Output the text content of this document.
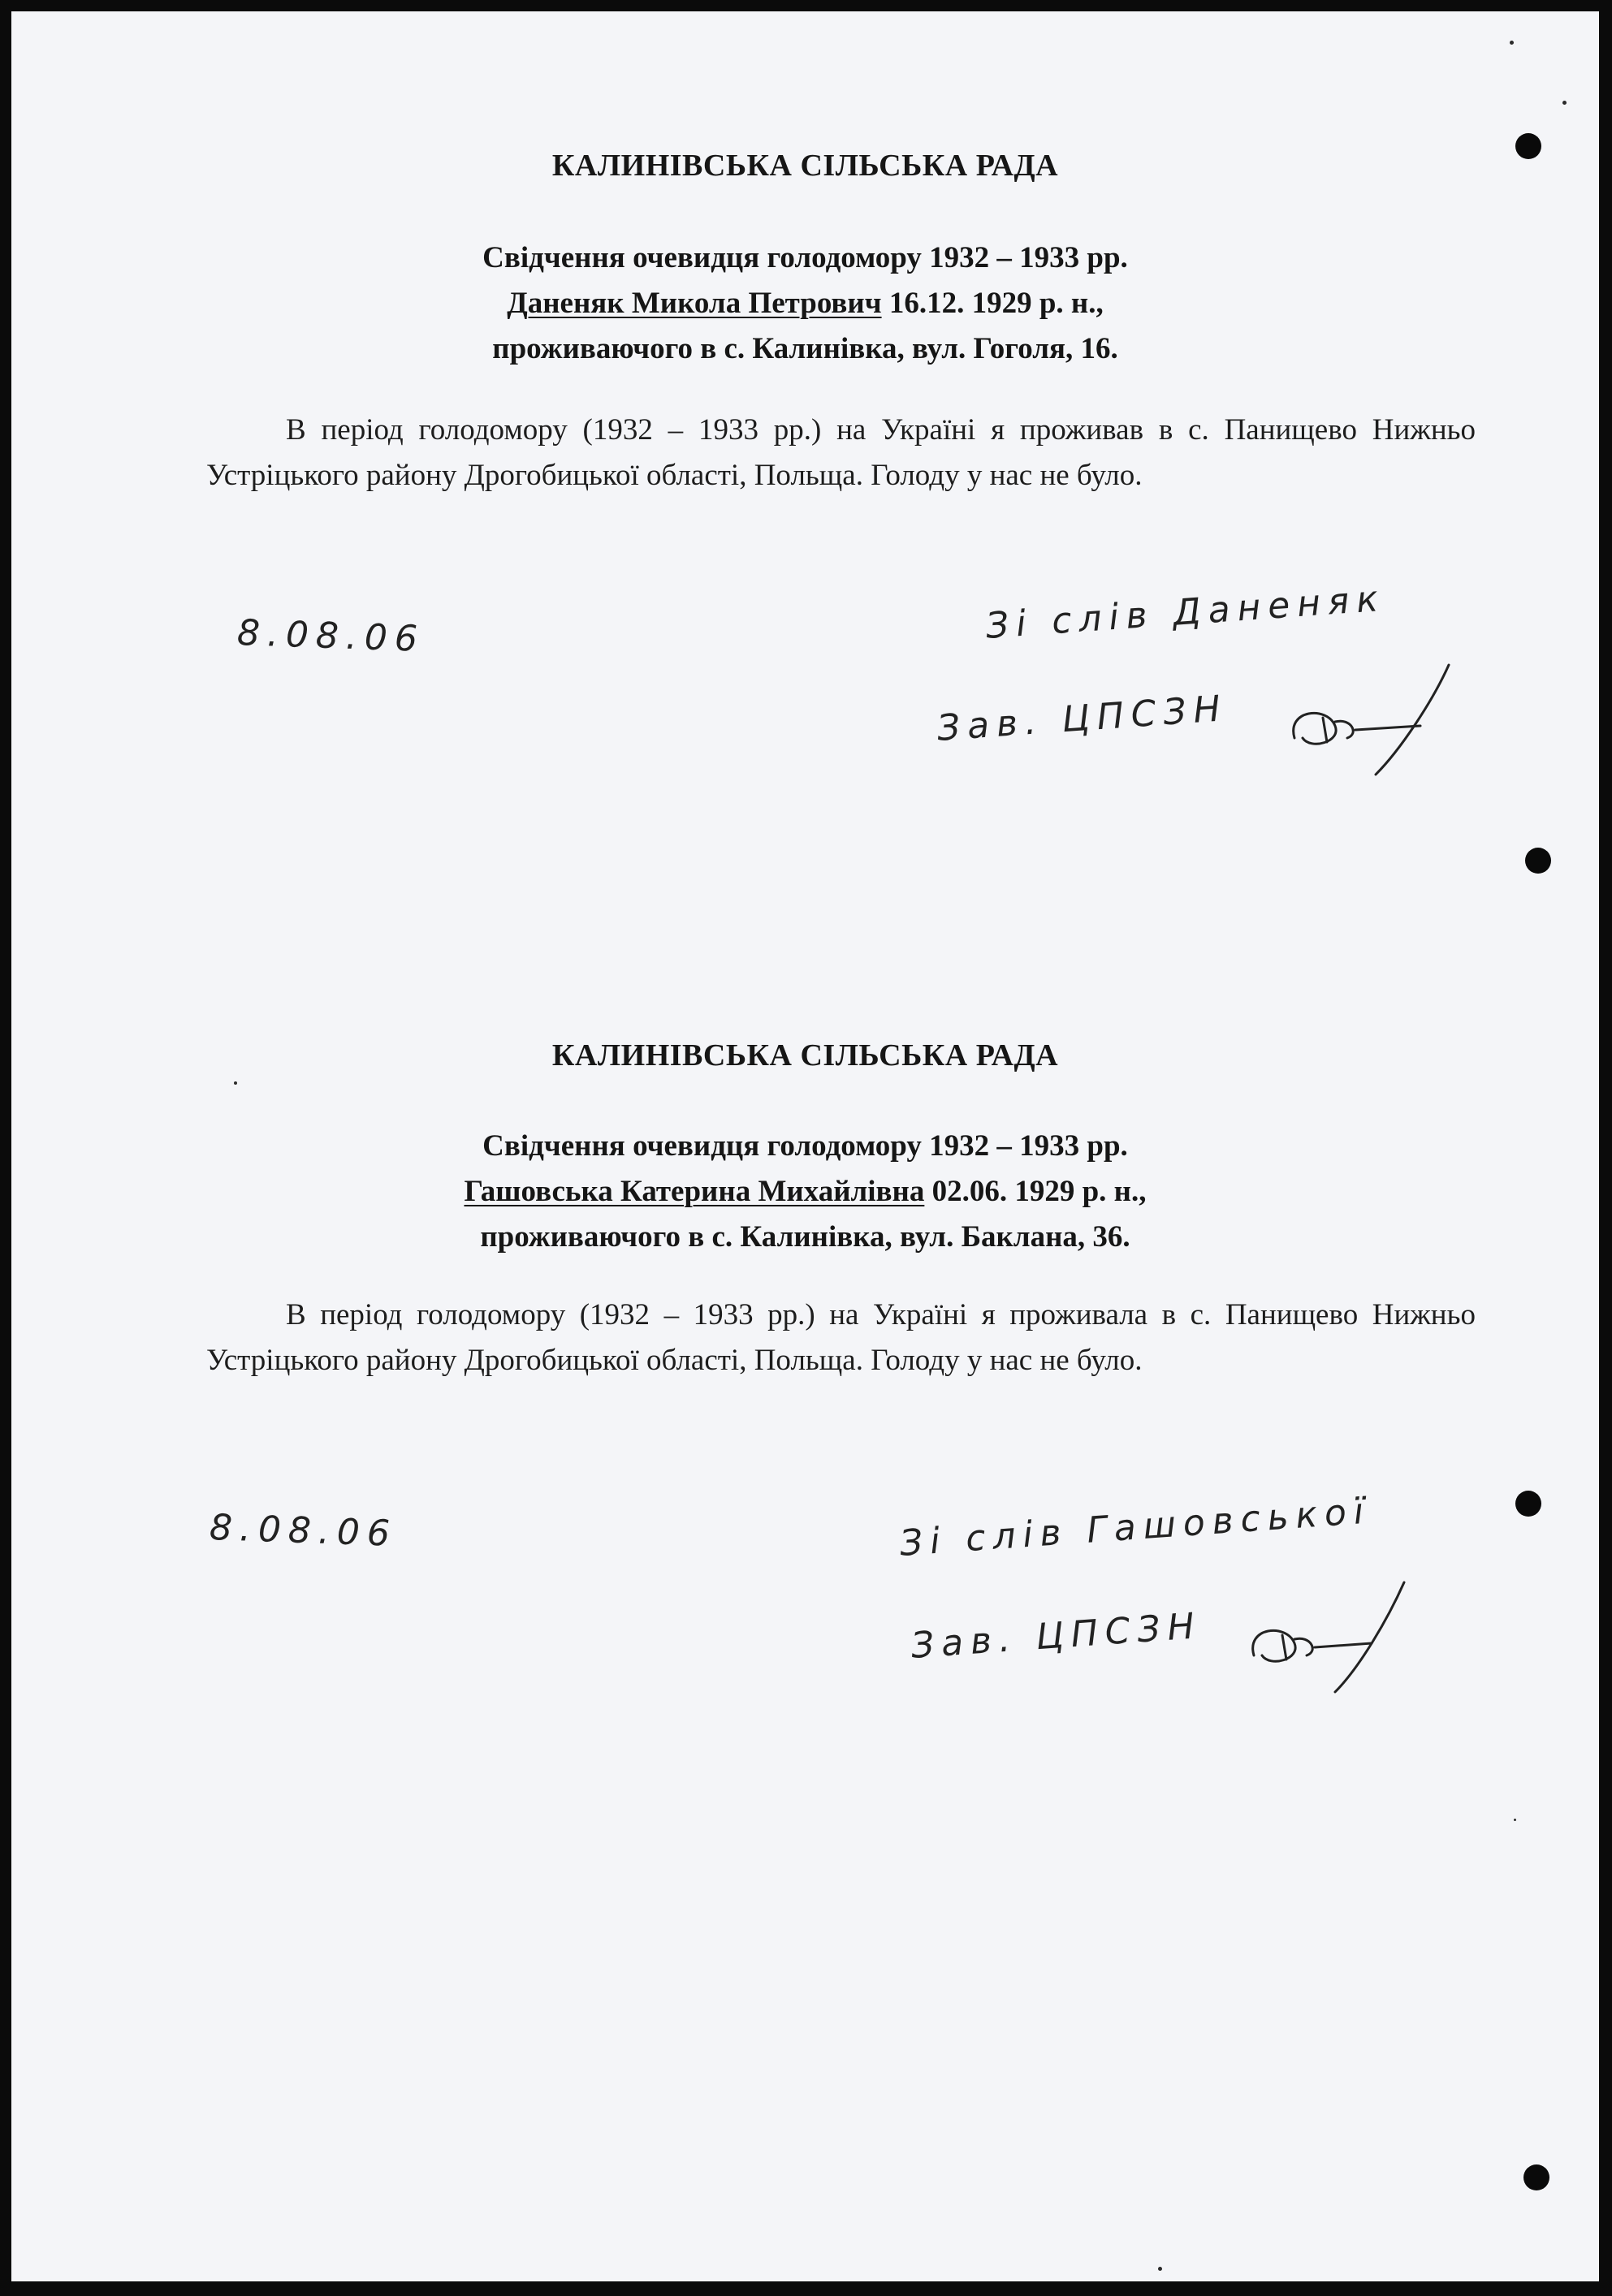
КАЛИНІВСЬКА СІЛЬСЬКА РАДА
Свідчення очевидця голодомору 1932 – 1933 рр.
Даненяк Микола Петрович 16.12. 1929 р. н.,
проживаючого в с. Калинівка, вул. Гоголя, 16.
В період голодомору (1932 – 1933 рр.) на Україні я проживав в с. Панищево Нижньо Устріцького району Дрогобицької області, Польща. Голоду у нас не було.
8.08.06	Зі слів Даненяк
Зав. ЦПСЗН
КАЛИНІВСЬКА СІЛЬСЬКА РАДА
Свідчення очевидця голодомору 1932 – 1933 рр.
Гашовська Катерина Михайлівна 02.06. 1929 р. н.,
проживаючого в с. Калинівка, вул. Баклана, 36.
В період голодомору (1932 – 1933 рр.) на Україні я проживала в с. Панищево Нижньо Устріцького району Дрогобицької області, Польща. Голоду у нас не було.
8.08.06	Зі слів Гашовської
Зав. ЦПСЗН
